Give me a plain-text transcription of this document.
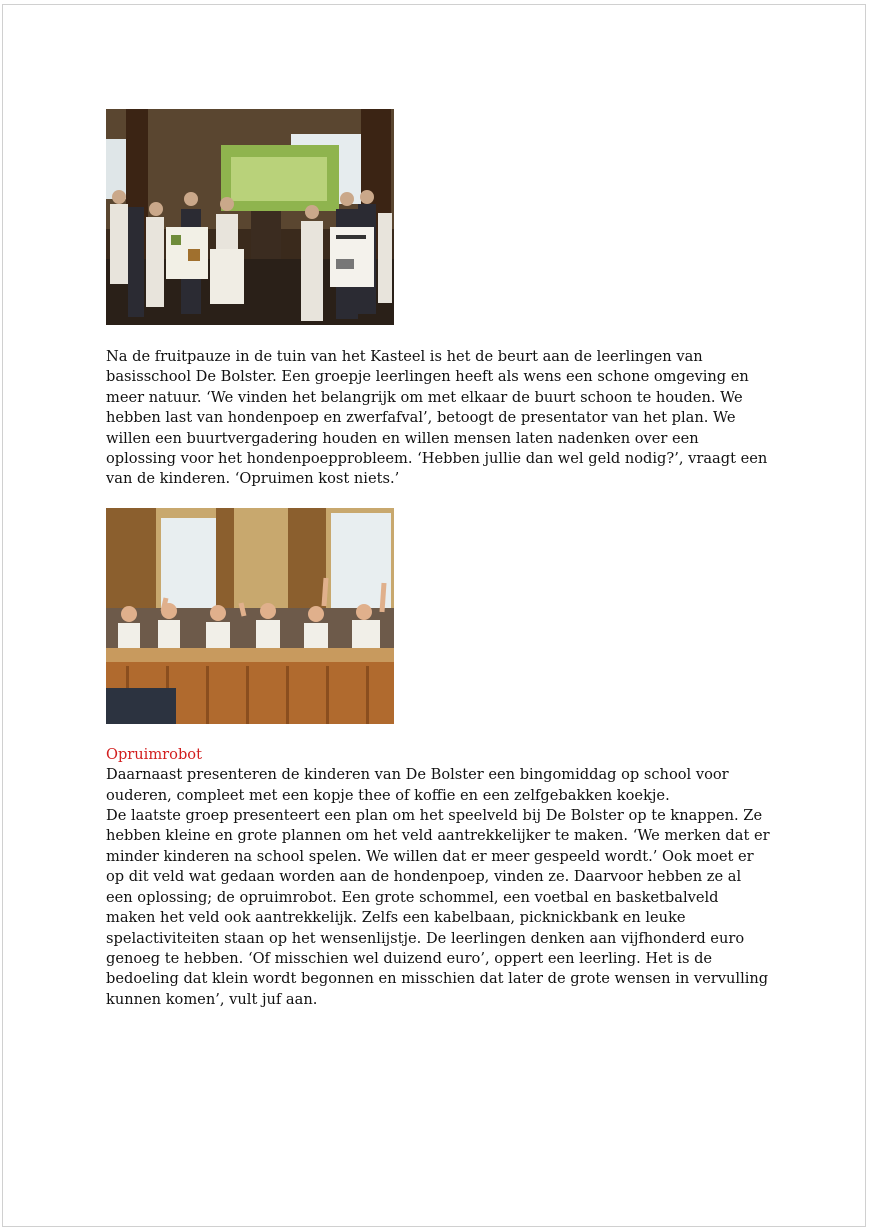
Na de fruitpauze in de tuin van het Kasteel is het de beurt aan de leerlingen van basisschool De Bolster. Een groepje leerlingen heeft als wens een schone omgeving en meer natuur. ‘We vinden het belangrijk om met elkaar de buurt schoon te houden. We hebben last van hondenpoep en zwerfafval’, betoogt de presentator van het plan. We willen een buurtvergadering houden en willen mensen laten nadenken over een oplossing voor het hondenpoepprobleem. ‘Hebben jullie dan wel geld nodig?’, vraagt een van de kinderen. ‘Opruimen kost niets.’

Opruimrobot

Daarnaast presenteren de kinderen van De Bolster een bingomiddag op school voor ouderen, compleet met een kopje thee of koffie en een zelfgebakken koekje.

De laatste groep presenteert een plan om het speelveld bij De Bolster op te knappen. Ze hebben kleine en grote plannen om het veld aantrekkelijker te maken. ‘We merken dat er minder kinderen na school spelen. We willen dat er meer gespeeld wordt.’ Ook moet er op dit veld wat gedaan worden aan de hondenpoep, vinden ze. Daarvoor hebben ze al een oplossing; de opruimrobot. Een grote schommel, een voetbal en basketbalveld maken het veld ook aantrekkelijk. Zelfs een kabelbaan, picknickbank en leuke spelactiviteiten staan op het wensenlijstje. De leerlingen denken aan vijfhonderd euro genoeg te hebben. ‘Of misschien wel duizend euro’, oppert een leerling. Het is de bedoeling dat klein wordt begonnen en misschien dat later de grote wensen in vervulling kunnen komen’, vult juf aan.
